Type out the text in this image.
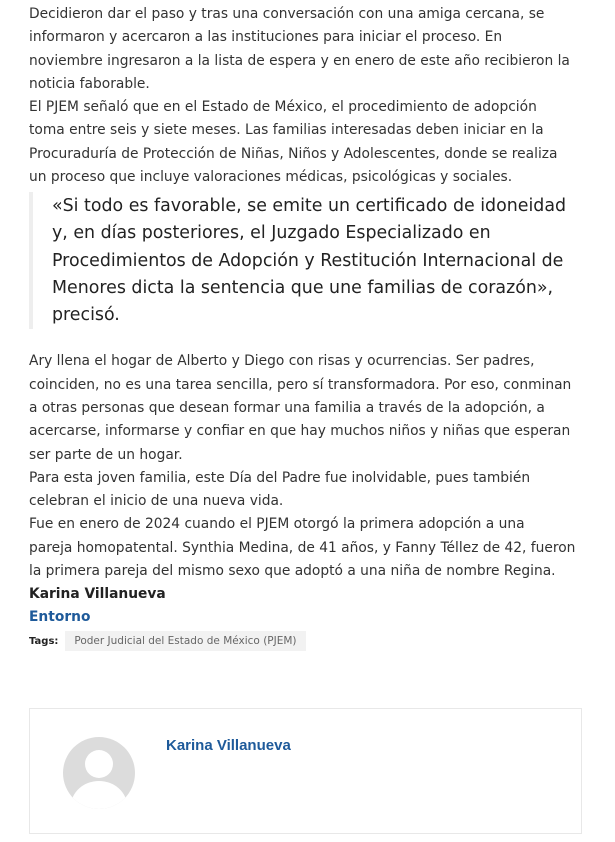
Decidieron dar el paso y tras una conversación con una amiga cercana, se
informaron y acercaron a las instituciones para iniciar el proceso. En
noviembre ingresaron a la lista de espera y en enero de este año recibieron la
noticia faborable.
El PJEM señaló que en el Estado de México, el procedimiento de adopción
toma entre seis y siete meses. Las familias interesadas deben iniciar en la
Procuraduría de Protección de Niñas, Niños y Adolescentes, donde se realiza
un proceso que incluye valoraciones médicas, psicológicas y sociales.
«Si todo es favorable, se emite un certificado de idoneidad
y, en días posteriores, el Juzgado Especializado en
Procedimientos de Adopción y Restitución Internacional de
Menores dicta la sentencia que une familias de corazón»,
precisó.
Ary llena el hogar de Alberto y Diego con risas y ocurrencias. Ser padres,
coinciden, no es una tarea sencilla, pero sí transformadora. Por eso, conminan
a otras personas que desean formar una familia a través de la adopción, a
acercarse, informarse y confiar en que hay muchos niños y niñas que esperan
ser parte de un hogar.
Para esta joven familia, este Día del Padre fue inolvidable, pues también
celebran el inicio de una nueva vida.
Fue en enero de 2024 cuando el PJEM otorgó la primera adopción a una
pareja homopatental. Synthia Medina, de 41 años, y Fanny Téllez de 42, fueron
la primera pareja del mismo sexo que adoptó a una niña de nombre Regina.
Karina Villanueva
Entorno
Tags:	Poder Judicial del Estado de México (PJEM)
Karina Villanueva
